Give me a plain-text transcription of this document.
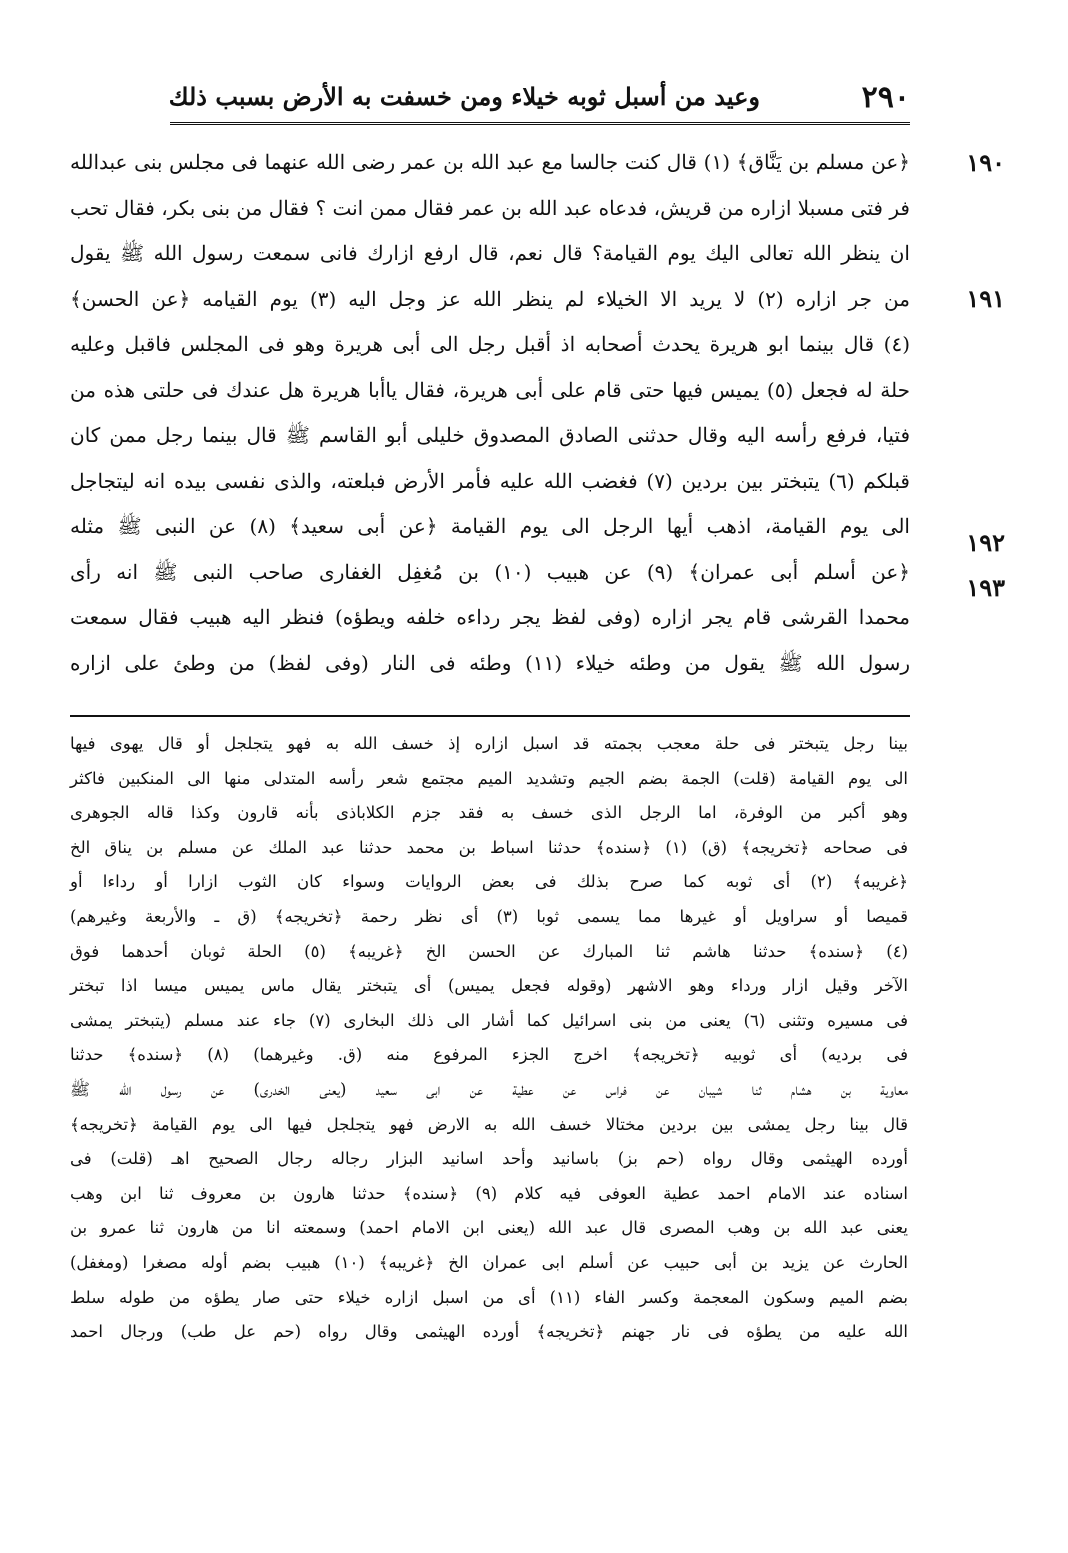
٢٩٠
وعيد من أسبل ثوبه خيلاء ومن خسفت به الأرض بسبب ذلك
١٩٠
١٩١
١٩٢
١٩٣
﴿عن مسلم بن يَنَّاق﴾ (١) قال كنت جالسا مع عبد الله بن عمر رضى الله عنهما فى مجلس بنى عبدالله
فر فتى مسبلا ازاره من قريش، فدعاه عبد الله بن عمر فقال ممن انت ؟ فقال من بنى بكر، فقال تحب
ان ينظر الله تعالى اليك يوم القيامة؟ قال نعم، قال ارفع ازارك فانى سمعت رسول الله ﷺ يقول
من جر ازاره (٢) لا يريد الا الخيلاء لم ينظر الله عز وجل اليه (٣) يوم القيامه ﴿عن الحسن﴾
(٤) قال بينما ابو هريرة يحدث أصحابه اذ أقبل رجل الى أبى هريرة وهو فى المجلس فاقبل وعليه
حلة له فجعل (٥) يميس فيها حتى قام على أبى هريرة، فقال ياأبا هريرة هل عندك فى حلتى هذه من
فتيا، فرفع رأسه اليه وقال حدثنى الصادق المصدوق خليلى أبو القاسم ﷺ قال بينما رجل ممن كان
قبلكم (٦) يتبختر بين بردين (٧) فغضب الله عليه فأمر الأرض فبلعته، والذى نفسى بيده انه ليتجاجل
الى يوم القيامة، اذهب أيها الرجل الى يوم القيامة ﴿عن أبى سعيد﴾ (٨) عن النبى ﷺ مثله
﴿عن أسلم أبى عمران﴾ (٩) عن هبيب (١٠) بن مُغفِل الغفارى صاحب النبى ﷺ انه رأى
محمدا القرشى قام يجر ازاره (وفى لفظ يجر رداءه خلفه ويطؤه) فنظر اليه هبيب فقال سمعت
رسول الله ﷺ يقول من وطئه خيلاء (١١) وطئه فى النار (وفى لفظ) من وطئ على ازاره
بينا رجل يتبختر فى حلة معجب بجمته قد اسبل ازاره إذ خسف الله به فهو يتجلجل أو قال يهوى فيها
الى يوم القيامة (قلت) الجمة بضم الجيم وتشديد الميم مجتمع شعر رأسه المتدلى منها الى المنكبين فاكثر
وهو أكبر من الوفرة، اما الرجل الذى خسف به فقد جزم الكلاباذى بأنه قارون وكذا قاله الجوهرى
فى صحاحه ﴿تخريجه﴾ (ق) (١) ﴿سنده﴾ حدثنا اسباط بن محمد حدثنا عبد الملك عن مسلم بن يناق الخ
﴿غريبه﴾ (٢) أى ثوبه كما صرح بذلك فى بعض الروايات وسواء كان الثوب ازارا أو رداءا أو
قميصا أو سراويل أو غيرها مما يسمى ثوبا (٣) أى نظر رحمة ﴿تخريجه﴾ (ق ـ والأربعة وغيرهم)
(٤) ﴿سنده﴾ حدثنا هاشم ثنا المبارك عن الحسن الخ ﴿غريبه﴾ (٥) الحلة ثوبان أحدهما فوق
الآخر وقيل ازار ورداء وهو الاشهر (وقوله فجعل يميس) أى يتبختر يقال ماس يميس ميسا اذا تبختر
فى مسيره وتثنى (٦) يعنى من بنى اسرائيل كما أشار الى ذلك البخارى (٧) جاء عند مسلم (يتبختر يمشى
فى برديه) أى ثوبيه ﴿تخريجه﴾ اخرج الجزء المرفوع منه (ق. وغيرهما) (٨) ﴿سنده﴾ حدثنا
معاوية بن هشام ثنا شيبان عن فراس عن عطية عن ابى سعيد (يعنى الخدرى) عن رسول الله ﷺ
قال بينا رجل يمشى بين بردين مختالا خسف الله به الارض فهو يتجلجل فيها الى يوم القيامة ﴿تخريجه﴾
أورده الهيثمى وقال رواه (حم بز) باسانيد وأحد اسانيد البزار رجاله رجال الصحيح اهـ (قلت) فى
اسناده عند الامام احمد عطية العوفى فيه كلام (٩) ﴿سنده﴾ حدثنا هارون بن معروف ثنا ابن وهب
يعنى عبد الله بن وهب المصرى قال عبد الله (يعنى ابن الامام احمد) وسمعته انا من هارون ثنا عمرو بن
الحارث عن يزيد بن أبى حبيب عن أسلم ابى عمران الخ ﴿غريبه﴾ (١٠) هبيب بضم أوله مصغرا (ومغفل)
بضم الميم وسكون المعجمة وكسر الفاء (١١) أى من اسبل ازاره خيلاء حتى صار يطؤه من طوله سلط
الله عليه من يطؤه فى نار جهنم ﴿تخريجه﴾ أورده الهيثمى وقال رواه (حم عل طب) ورجال احمد
